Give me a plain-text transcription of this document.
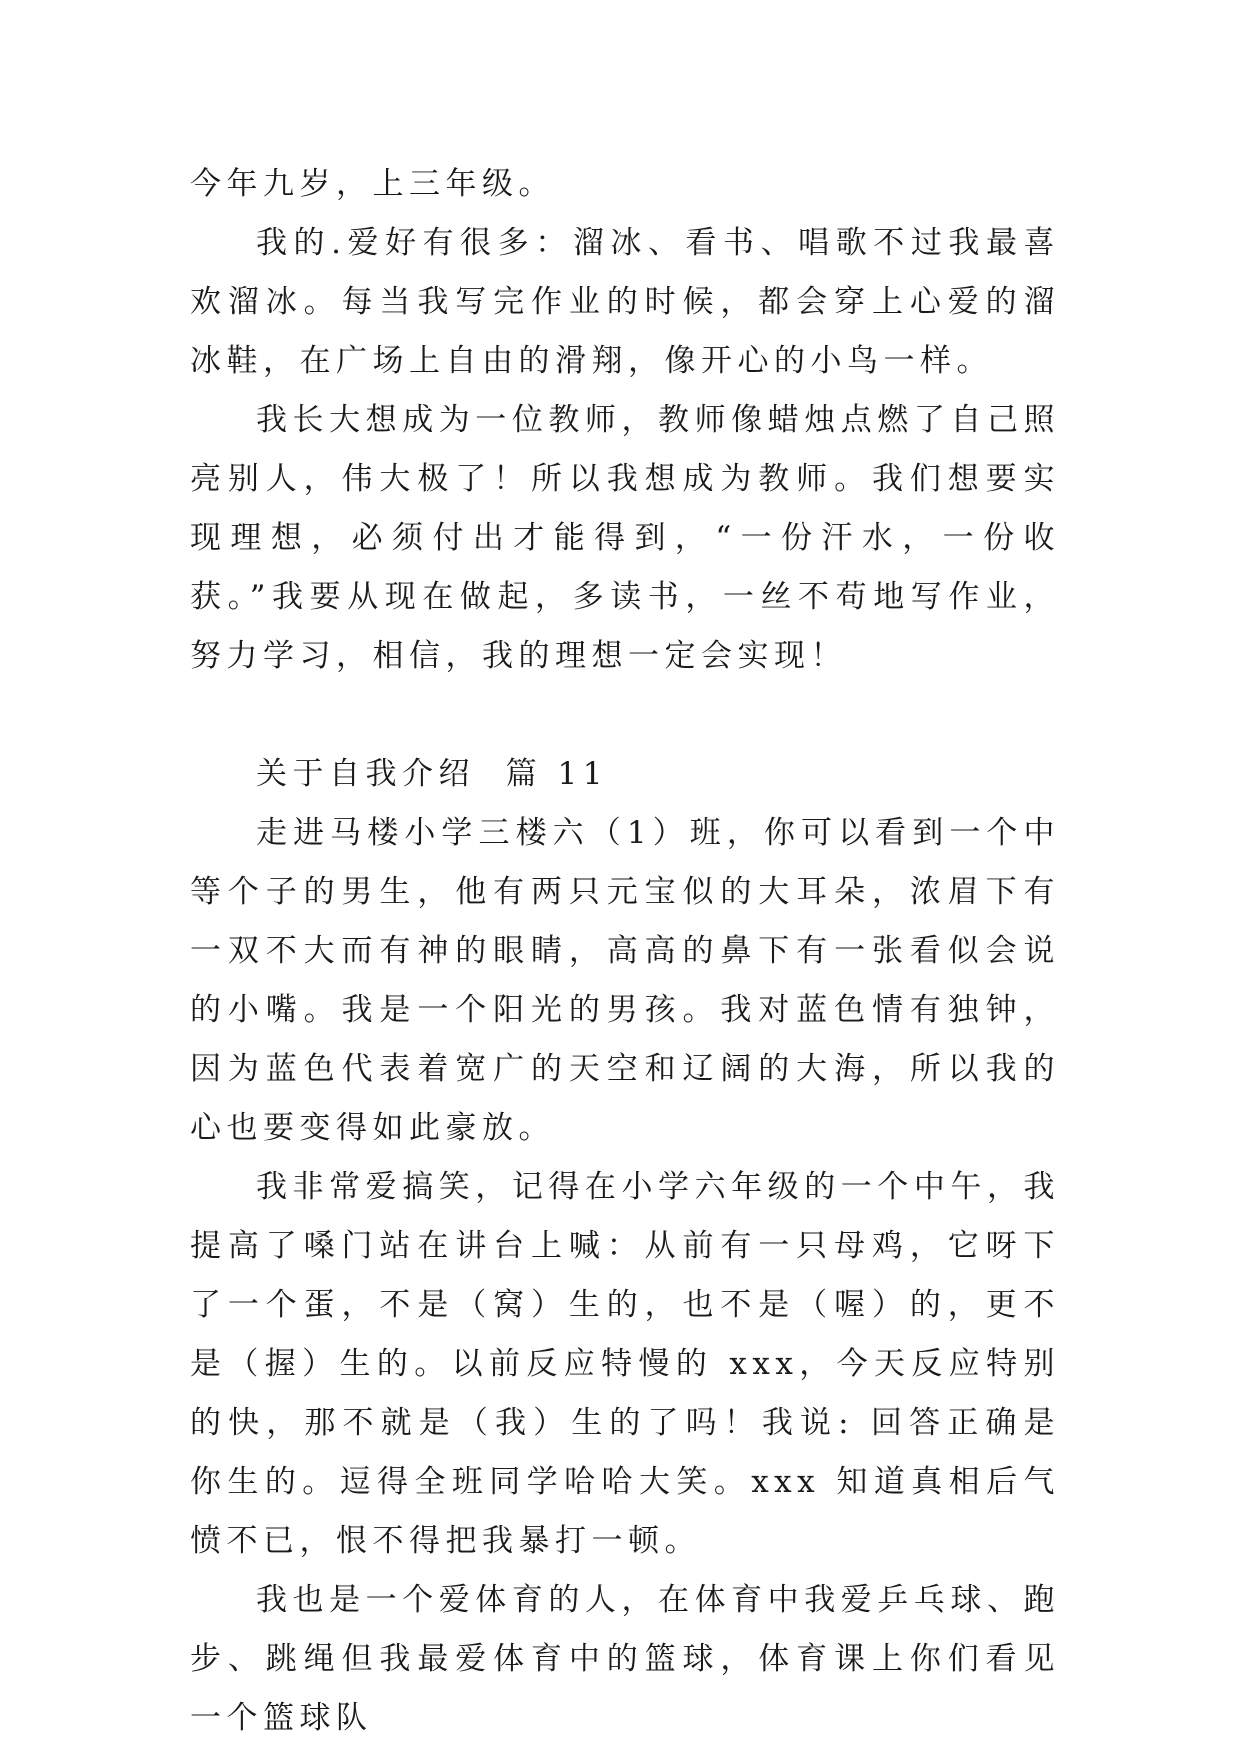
今年九岁，上三年级。

我的.爱好有很多：溜冰、看书、唱歌不过我最喜欢溜冰。每当我写完作业的时候，都会穿上心爱的溜冰鞋，在广场上自由的滑翔，像开心的小鸟一样。

我长大想成为一位教师，教师像蜡烛点燃了自己照亮别人，伟大极了！所以我想成为教师。我们想要实现理想，必须付出才能得到，“一份汗水，一份收获。”我要从现在做起，多读书，一丝不苟地写作业，努力学习，相信，我的理想一定会实现！

关于自我介绍  篇 11

走进马楼小学三楼六（1）班，你可以看到一个中等个子的男生，他有两只元宝似的大耳朵，浓眉下有一双不大而有神的眼睛，高高的鼻下有一张看似会说的小嘴。我是一个阳光的男孩。我对蓝色情有独钟，因为蓝色代表着宽广的天空和辽阔的大海，所以我的心也要变得如此豪放。

我非常爱搞笑，记得在小学六年级的一个中午，我提高了嗓门站在讲台上喊：从前有一只母鸡，它呀下了一个蛋，不是（窝）生的，也不是（喔）的，更不是（握）生的。以前反应特慢的 xxx，今天反应特别的快，那不就是（我）生的了吗！我说: 回答正确是你生的。逗得全班同学哈哈大笑。xxx 知道真相后气愤不已，恨不得把我暴打一顿。

我也是一个爱体育的人，在体育中我爱乒乓球、跑步、跳绳但我最爱体育中的篮球，体育课上你们看见一个篮球队
